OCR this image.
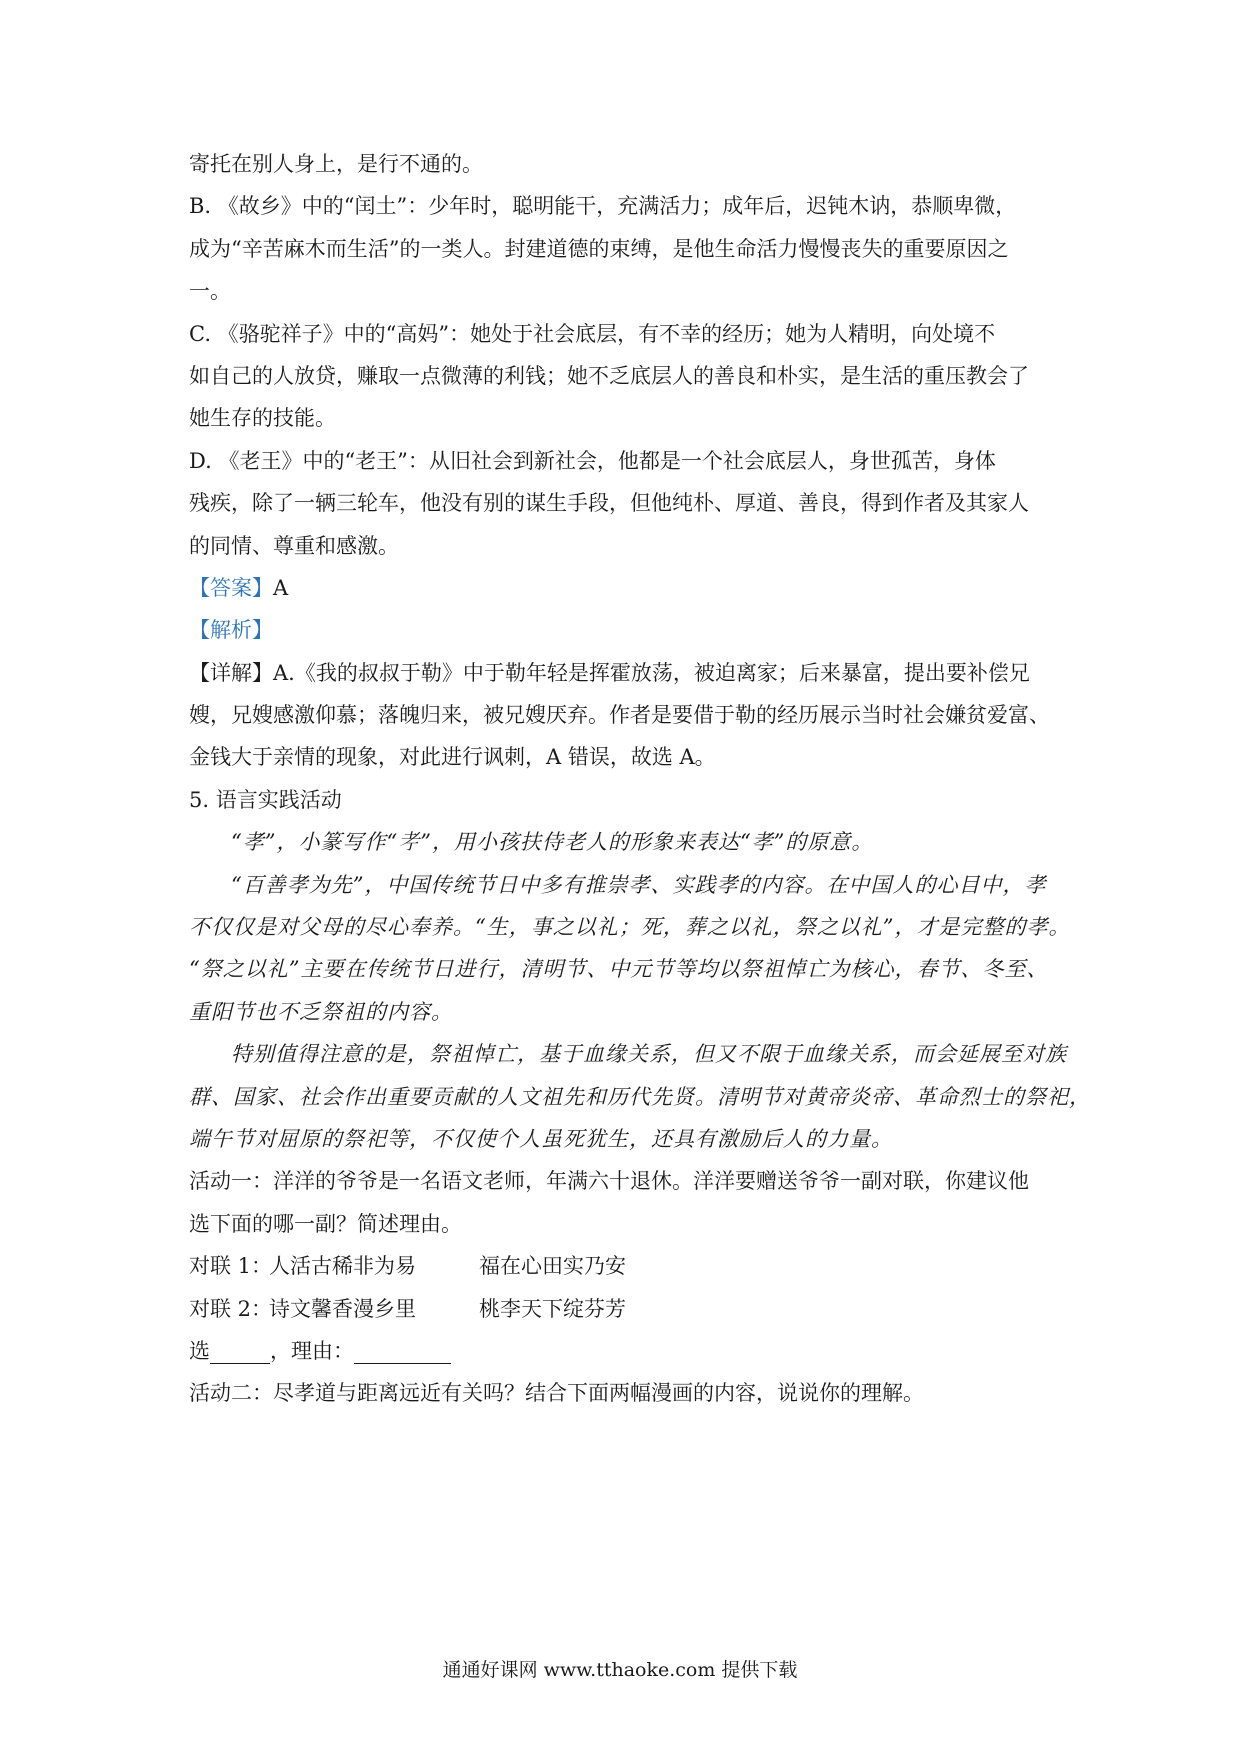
寄托在别人身上，是行不通的。
B. 《故乡》中的“闰土”：少年时，聪明能干，充满活力；成年后，迟钝木讷，恭顺卑微，
成为“辛苦麻木而生活”的一类人。封建道德的束缚，是他生命活力慢慢丧失的重要原因之
一。
C. 《骆驼祥子》中的“高妈”：她处于社会底层，有不幸的经历；她为人精明，向处境不
如自己的人放贷，赚取一点微薄的利钱；她不乏底层人的善良和朴实，是生活的重压教会了
她生存的技能。
D. 《老王》中的“老王”：从旧社会到新社会，他都是一个社会底层人，身世孤苦，身体
残疾，除了一辆三轮车，他没有别的谋生手段，但他纯朴、厚道、善良，得到作者及其家人
的同情、尊重和感激。
【答案】A
【解析】
【详解】A.《我的叔叔于勒》中于勒年轻是挥霍放荡，被迫离家；后来暴富，提出要补偿兄
嫂，兄嫂感激仰慕；落魄归来，被兄嫂厌弃。作者是要借于勒的经历展示当时社会嫌贫爱富、
金钱大于亲情的现象，对此进行讽刺，A 错误，故选 A。
5. 语言实践活动
“孝”，小篆写作“𦒱”，用小孩扶侍老人的形象来表达“孝”的原意。
“百善孝为先”，中国传统节日中多有推崇孝、实践孝的内容。在中国人的心目中，孝
不仅仅是对父母的尽心奉养。“生，事之以礼；死，葬之以礼，祭之以礼”，才是完整的孝。
“祭之以礼”主要在传统节日进行，清明节、中元节等均以祭祖悼亡为核心，春节、冬至、
重阳节也不乏祭祖的内容。
特别值得注意的是，祭祖悼亡，基于血缘关系，但又不限于血缘关系，而会延展至对族
群、国家、社会作出重要贡献的人文祖先和历代先贤。清明节对黄帝炎帝、革命烈士的祭祀，
端午节对屈原的祭祀等，不仅使个人虽死犹生，还具有激励后人的力量。
活动一：洋洋的爷爷是一名语文老师，年满六十退休。洋洋要赠送爷爷一副对联，你建议他
选下面的哪一副？简述理由。
对联 1：人活古稀非为易	福在心田实乃安
对联 2：诗文馨香漫乡里	桃李天下绽芬芳
选	，理由：
活动二：尽孝道与距离远近有关吗？结合下面两幅漫画的内容，说说你的理解。
通通好课网 www.tthaoke.com 提供下载
